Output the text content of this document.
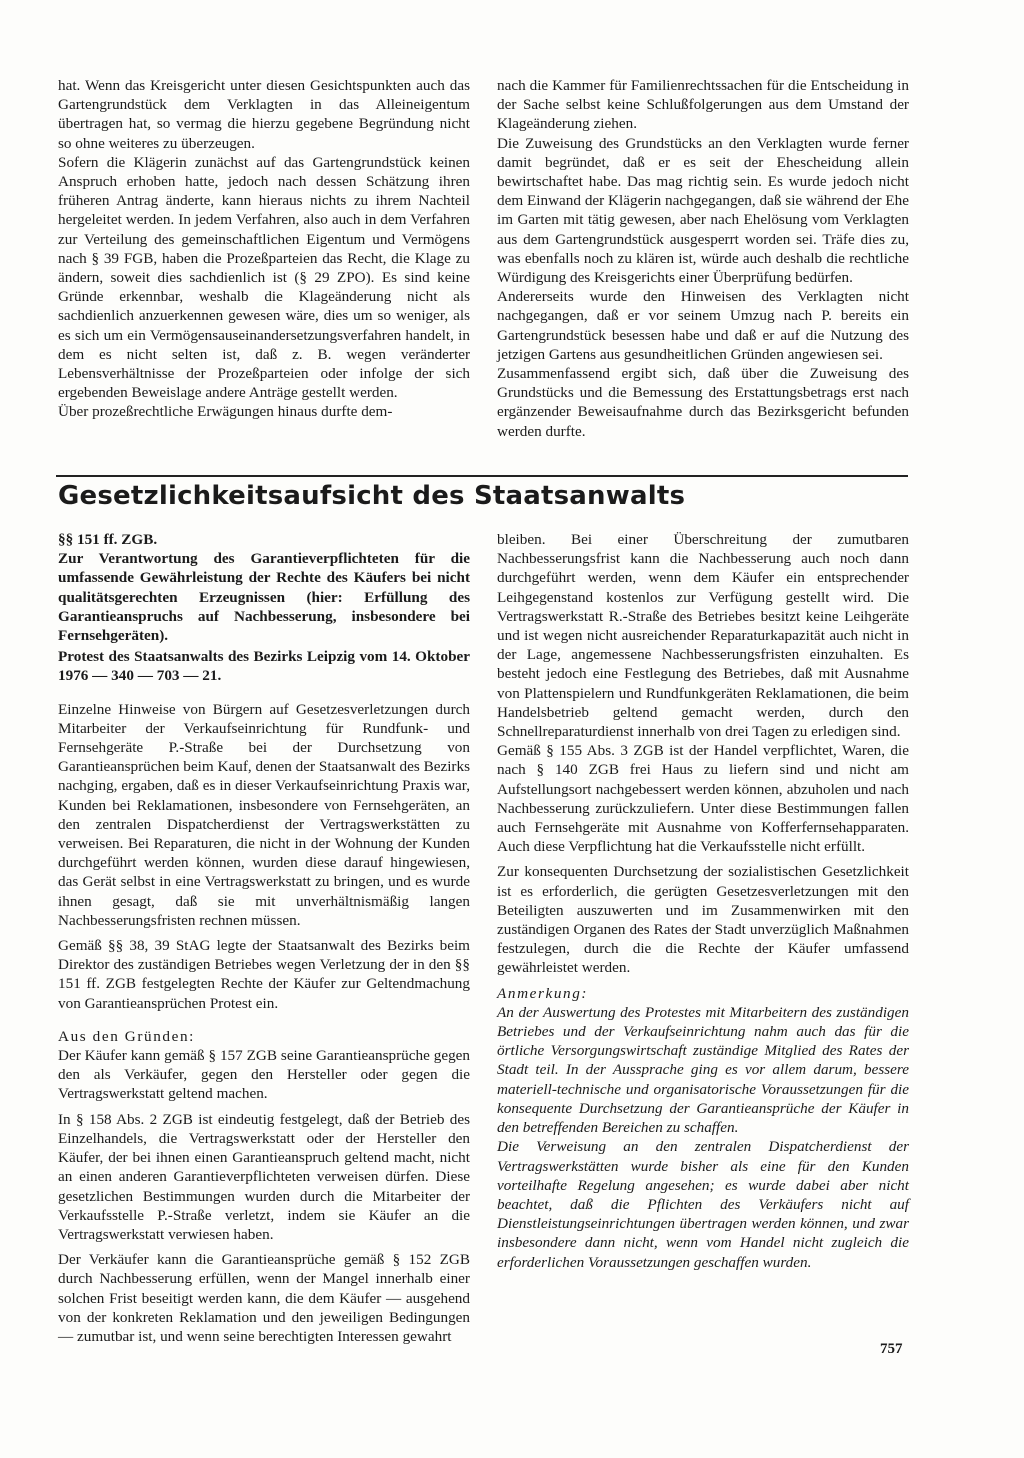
hat. Wenn das Kreisgericht unter diesen Gesichtspunkten auch das Gartengrundstück dem Verklagten in das Alleineigentum übertragen hat, so vermag die hierzu gegebene Begründung nicht so ohne weiteres zu überzeugen.

Sofern die Klägerin zunächst auf das Gartengrundstück keinen Anspruch erhoben hatte, jedoch nach dessen Schätzung ihren früheren Antrag änderte, kann hieraus nichts zu ihrem Nachteil hergeleitet werden. In jedem Verfahren, also auch in dem Verfahren zur Verteilung des gemeinschaftlichen Eigentum und Vermögens nach § 39 FGB, haben die Prozeßparteien das Recht, die Klage zu ändern, soweit dies sachdienlich ist (§ 29 ZPO). Es sind keine Gründe erkennbar, weshalb die Klageänderung nicht als sachdienlich anzuerkennen gewesen wäre, dies um so weniger, als es sich um ein Vermögensauseinandersetzungsverfahren handelt, in dem es nicht selten ist, daß z. B. wegen veränderter Lebensverhältnisse der Prozeßparteien oder infolge der sich ergebenden Beweislage andere Anträge gestellt werden.

Über prozeßrechtliche Erwägungen hinaus durfte dem-

nach die Kammer für Familienrechtssachen für die Entscheidung in der Sache selbst keine Schlußfolgerungen aus dem Umstand der Klageänderung ziehen.

Die Zuweisung des Grundstücks an den Verklagten wurde ferner damit begründet, daß er es seit der Ehescheidung allein bewirtschaftet habe. Das mag richtig sein. Es wurde jedoch nicht dem Einwand der Klägerin nachgegangen, daß sie während der Ehe im Garten mit tätig gewesen, aber nach Ehelösung vom Verklagten aus dem Gartengrundstück ausgesperrt worden sei. Träfe dies zu, was ebenfalls noch zu klären ist, würde auch deshalb die rechtliche Würdigung des Kreisgerichts einer Überprüfung bedürfen.

Andererseits wurde den Hinweisen des Verklagten nicht nachgegangen, daß er vor seinem Umzug nach P. bereits ein Gartengrundstück besessen habe und daß er auf die Nutzung des jetzigen Gartens aus gesundheitlichen Gründen angewiesen sei.

Zusammenfassend ergibt sich, daß über die Zuweisung des Grundstücks und die Bemessung des Erstattungsbetrags erst nach ergänzender Beweisaufnahme durch das Bezirksgericht befunden werden durfte.

Gesetzlichkeitsaufsicht des Staatsanwalts

§§ 151 ff. ZGB.

Zur Verantwortung des Garantieverpflichteten für die umfassende Gewährleistung der Rechte des Käufers bei nicht qualitätsgerechten Erzeugnissen (hier: Erfüllung des Garantieanspruchs auf Nachbesserung, insbesondere bei Fernsehgeräten).

Protest des Staatsanwalts des Bezirks Leipzig vom 14. Oktober 1976 — 340 — 703 — 21.

Einzelne Hinweise von Bürgern auf Gesetzesverletzungen durch Mitarbeiter der Verkaufseinrichtung für Rundfunk- und Fernsehgeräte P.-Straße bei der Durchsetzung von Garantieansprüchen beim Kauf, denen der Staatsanwalt des Bezirks nachging, ergaben, daß es in dieser Verkaufseinrichtung Praxis war, Kunden bei Reklamationen, insbesondere von Fernsehgeräten, an den zentralen Dispatcherdienst der Vertragswerkstätten zu verweisen. Bei Reparaturen, die nicht in der Wohnung der Kunden durchgeführt werden können, wurden diese darauf hingewiesen, das Gerät selbst in eine Vertragswerkstatt zu bringen, und es wurde ihnen gesagt, daß sie mit unverhältnismäßig langen Nachbesserungsfristen rechnen müssen.

Gemäß §§ 38, 39 StAG legte der Staatsanwalt des Bezirks beim Direktor des zuständigen Betriebes wegen Verletzung der in den §§ 151 ff. ZGB festgelegten Rechte der Käufer zur Geltendmachung von Garantieansprüchen Protest ein.

Aus den Gründen:

Der Käufer kann gemäß § 157 ZGB seine Garantieansprüche gegen den als Verkäufer, gegen den Hersteller oder gegen die Vertragswerkstatt geltend machen.

In § 158 Abs. 2 ZGB ist eindeutig festgelegt, daß der Betrieb des Einzelhandels, die Vertragswerkstatt oder der Hersteller den Käufer, der bei ihnen einen Garantieanspruch geltend macht, nicht an einen anderen Garantieverpflichteten verweisen dürfen. Diese gesetzlichen Bestimmungen wurden durch die Mitarbeiter der Verkaufsstelle P.-Straße verletzt, indem sie Käufer an die Vertragswerkstatt verwiesen haben.

Der Verkäufer kann die Garantieansprüche gemäß § 152 ZGB durch Nachbesserung erfüllen, wenn der Mangel innerhalb einer solchen Frist beseitigt werden kann, die dem Käufer — ausgehend von der konkreten Reklamation und den jeweiligen Bedingungen — zumutbar ist, und wenn seine berechtigten Interessen gewahrt

bleiben. Bei einer Überschreitung der zumutbaren Nachbesserungsfrist kann die Nachbesserung auch noch dann durchgeführt werden, wenn dem Käufer ein entsprechender Leihgegenstand kostenlos zur Verfügung gestellt wird. Die Vertragswerkstatt R.-Straße des Betriebes besitzt keine Leihgeräte und ist wegen nicht ausreichender Reparaturkapazität auch nicht in der Lage, angemessene Nachbesserungsfristen einzuhalten. Es besteht jedoch eine Festlegung des Betriebes, daß mit Ausnahme von Plattenspielern und Rundfunkgeräten Reklamationen, die beim Handelsbetrieb geltend gemacht werden, durch den Schnellreparaturdienst innerhalb von drei Tagen zu erledigen sind.

Gemäß § 155 Abs. 3 ZGB ist der Handel verpflichtet, Waren, die nach § 140 ZGB frei Haus zu liefern sind und nicht am Aufstellungsort nachgebessert werden können, abzuholen und nach Nachbesserung zurückzuliefern. Unter diese Bestimmungen fallen auch Fernsehgeräte mit Ausnahme von Kofferfernsehapparaten. Auch diese Verpflichtung hat die Verkaufsstelle nicht erfüllt.

Zur konsequenten Durchsetzung der sozialistischen Gesetzlichkeit ist es erforderlich, die gerügten Gesetzesverletzungen mit den Beteiligten auszuwerten und im Zusammenwirken mit den zuständigen Organen des Rates der Stadt unverzüglich Maßnahmen festzulegen, durch die die Rechte der Käufer umfassend gewährleistet werden.

Anmerkung:

An der Auswertung des Protestes mit Mitarbeitern des zuständigen Betriebes und der Verkaufseinrichtung nahm auch das für die örtliche Versorgungswirtschaft zuständige Mitglied des Rates der Stadt teil. In der Aussprache ging es vor allem darum, bessere materiell-technische und organisatorische Voraussetzungen für die konsequente Durchsetzung der Garantieansprüche der Käufer in den betreffenden Bereichen zu schaffen.

Die Verweisung an den zentralen Dispatcherdienst der Vertragswerkstätten wurde bisher als eine für den Kunden vorteilhafte Regelung angesehen; es wurde dabei aber nicht beachtet, daß die Pflichten des Verkäufers nicht auf Dienstleistungseinrichtungen übertragen werden können, und zwar insbesondere dann nicht, wenn vom Handel nicht zugleich die erforderlichen Voraussetzungen geschaffen wurden.

757
